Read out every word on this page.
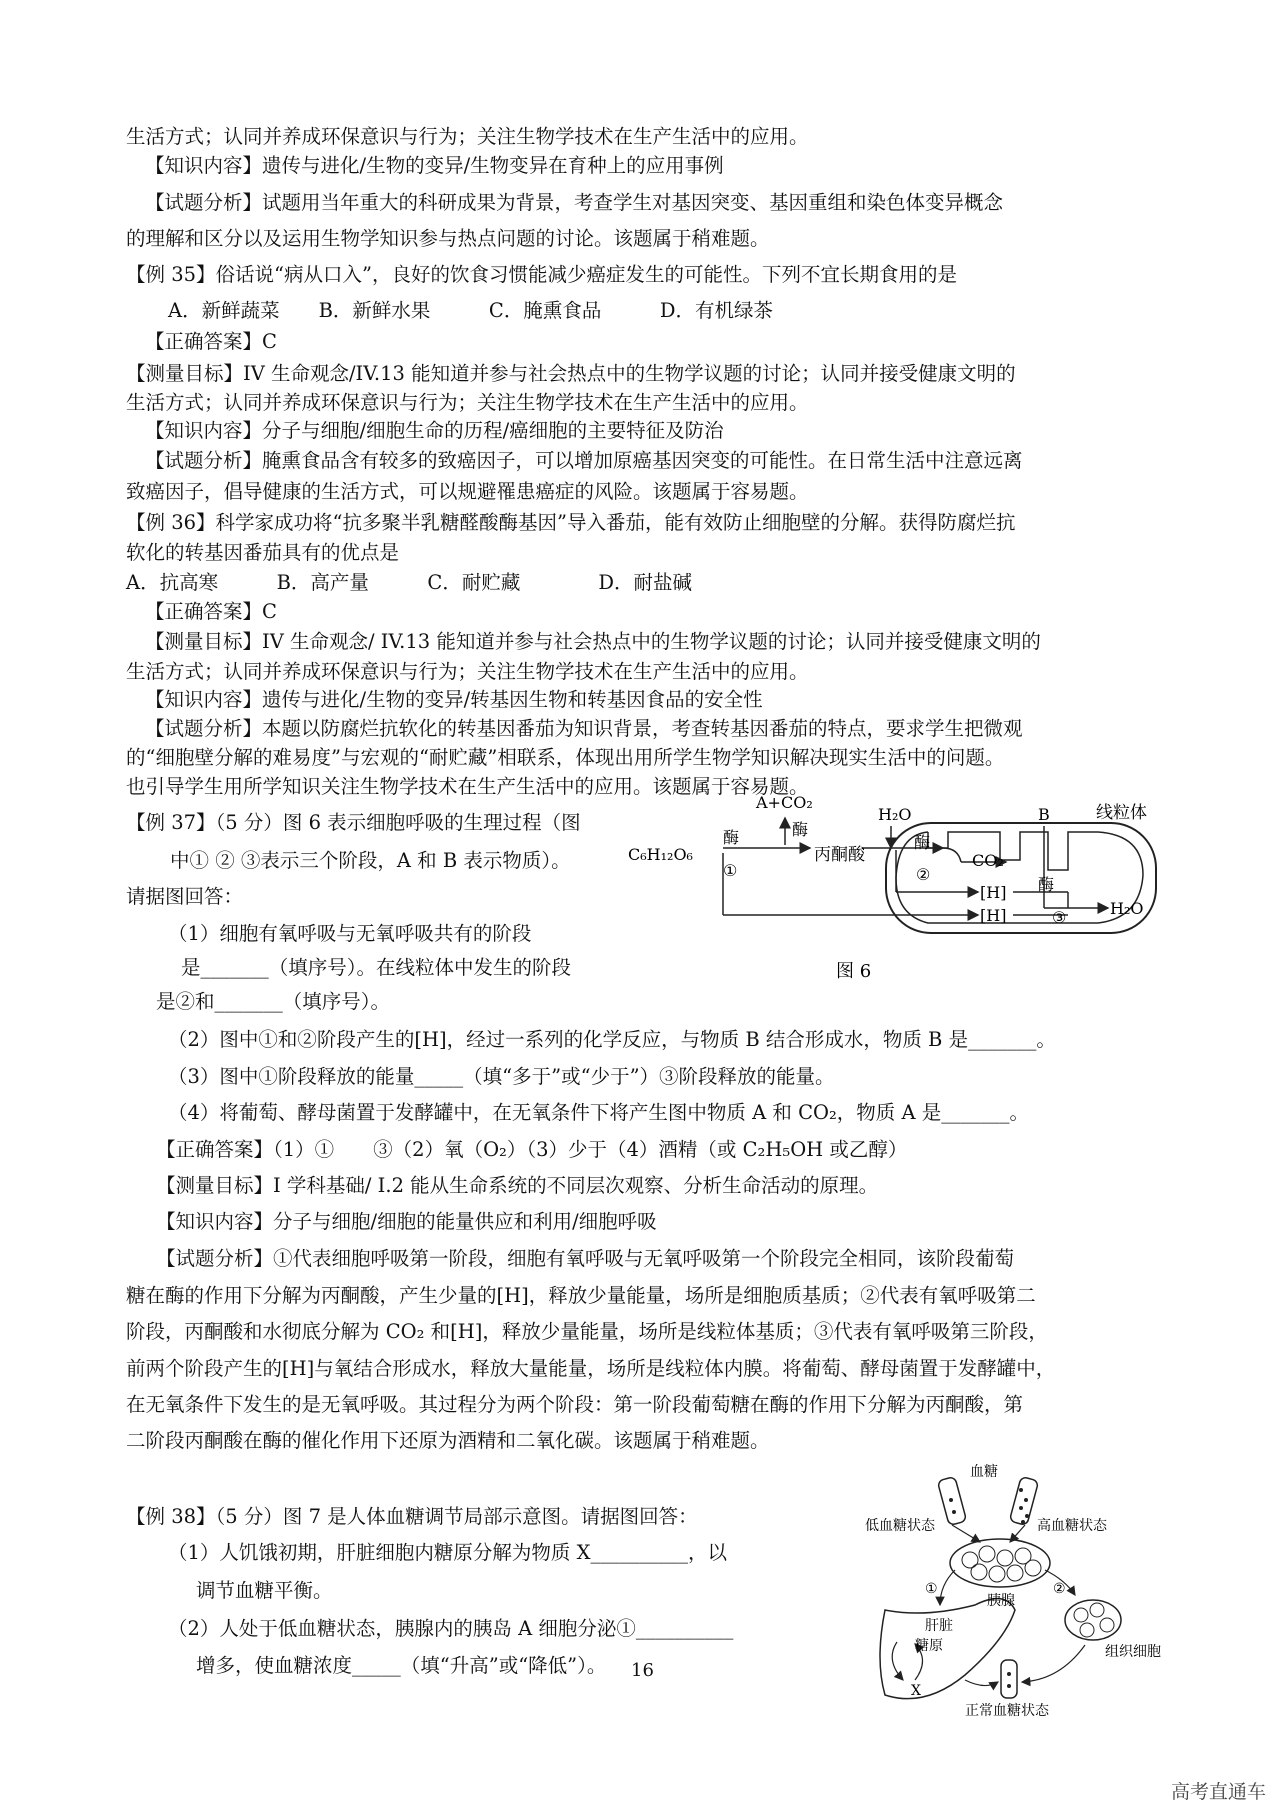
生活方式；认同并养成环保意识与行为；关注生物学技术在生产生活中的应用。
【知识内容】遗传与进化/生物的变异/生物变异在育种上的应用事例
【试题分析】试题用当年重大的科研成果为背景，考查学生对基因突变、基因重组和染色体变异概念
的理解和区分以及运用生物学知识参与热点问题的讨论。该题属于稍难题。
【例 35】俗话说“病从口入”，良好的饮食习惯能减少癌症发生的可能性。下列不宜长期食用的是
A．新鲜蔬菜　　B．新鲜水果　　　C．腌熏食品　　　D．有机绿茶
【正确答案】C
【测量目标】IV 生命观念/IV.13 能知道并参与社会热点中的生物学议题的讨论；认同并接受健康文明的
生活方式；认同并养成环保意识与行为；关注生物学技术在生产生活中的应用。
【知识内容】分子与细胞/细胞生命的历程/癌细胞的主要特征及防治
【试题分析】腌熏食品含有较多的致癌因子，可以增加原癌基因突变的可能性。在日常生活中注意远离
致癌因子，倡导健康的生活方式，可以规避罹患癌症的风险。该题属于容易题。
【例 36】科学家成功将“抗多聚半乳糖醛酸酶基因”导入番茄，能有效防止细胞壁的分解。获得防腐烂抗
软化的转基因番茄具有的优点是
A．抗高寒　　　B．高产量　　　C．耐贮藏　　　　D．耐盐碱
【正确答案】C
【测量目标】IV 生命观念/ IV.13 能知道并参与社会热点中的生物学议题的讨论；认同并接受健康文明的
生活方式；认同并养成环保意识与行为；关注生物学技术在生产生活中的应用。
【知识内容】遗传与进化/生物的变异/转基因生物和转基因食品的安全性
【试题分析】本题以防腐烂抗软化的转基因番茄为知识背景，考查转基因番茄的特点，要求学生把微观
的“细胞壁分解的难易度”与宏观的“耐贮藏”相联系，体现出用所学生物学知识解决现实生活中的问题。
也引导学生用所学知识关注生物学技术在生产生活中的应用。该题属于容易题。
【例 37】（5 分）图 6 表示细胞呼吸的生理过程（图
中① ② ③表示三个阶段，A 和 B 表示物质）。
请据图回答：
（1）细胞有氧呼吸与无氧呼吸共有的阶段
是_______（填序号）。在线粒体中发生的阶段
是②和_______（填序号）。
（2）图中①和②阶段产生的[H]，经过一系列的化学反应，与物质 B 结合形成水，物质 B 是_______。
（3）图中①阶段释放的能量_____（填“多于”或“少于”）③阶段释放的能量。
（4）将葡萄、酵母菌置于发酵罐中，在无氧条件下将产生图中物质 A 和 CO₂，物质 A 是_______。
【正确答案】（1）①　　③（2）氧（O₂）（3）少于（4）酒精（或 C₂H₅OH 或乙醇）
【测量目标】I 学科基础/ I.2 能从生命系统的不同层次观察、分析生命活动的原理。
【知识内容】分子与细胞/细胞的能量供应和利用/细胞呼吸
【试题分析】①代表细胞呼吸第一阶段，细胞有氧呼吸与无氧呼吸第一个阶段完全相同，该阶段葡萄
糖在酶的作用下分解为丙酮酸，产生少量的[H]，释放少量能量，场所是细胞质基质；②代表有氧呼吸第二
阶段，丙酮酸和水彻底分解为 CO₂ 和[H]，释放少量能量，场所是线粒体基质；③代表有氧呼吸第三阶段，
前两个阶段产生的[H]与氧结合形成水，释放大量能量，场所是线粒体内膜。将葡萄、酵母菌置于发酵罐中，
在无氧条件下发生的是无氧呼吸。其过程分为两个阶段：第一阶段葡萄糖在酶的作用下分解为丙酮酸，第
二阶段丙酮酸在酶的催化作用下还原为酒精和二氧化碳。该题属于稍难题。
【例 38】（5 分）图 7 是人体血糖调节局部示意图。请据图回答：
（1）人饥饿初期，肝脏细胞内糖原分解为物质 X__________，以
调节血糖平衡。
（2）人处于低血糖状态，胰腺内的胰岛 A 细胞分泌①__________
增多，使血糖浓度_____（填“升高”或“降低”）。
A+CO₂
酶
H₂O	B	线粒体
C₆H₁₂O₆
酶
①
丙酮酸
酶
②
CO₂
[H] 酶
[H]	③	H₂O
图 6
血糖
低血糖状态	高血糖状态
①	②
胰腺
肝脏
糖原
X
组织细胞
正常血糖状态
16
高考直通车
